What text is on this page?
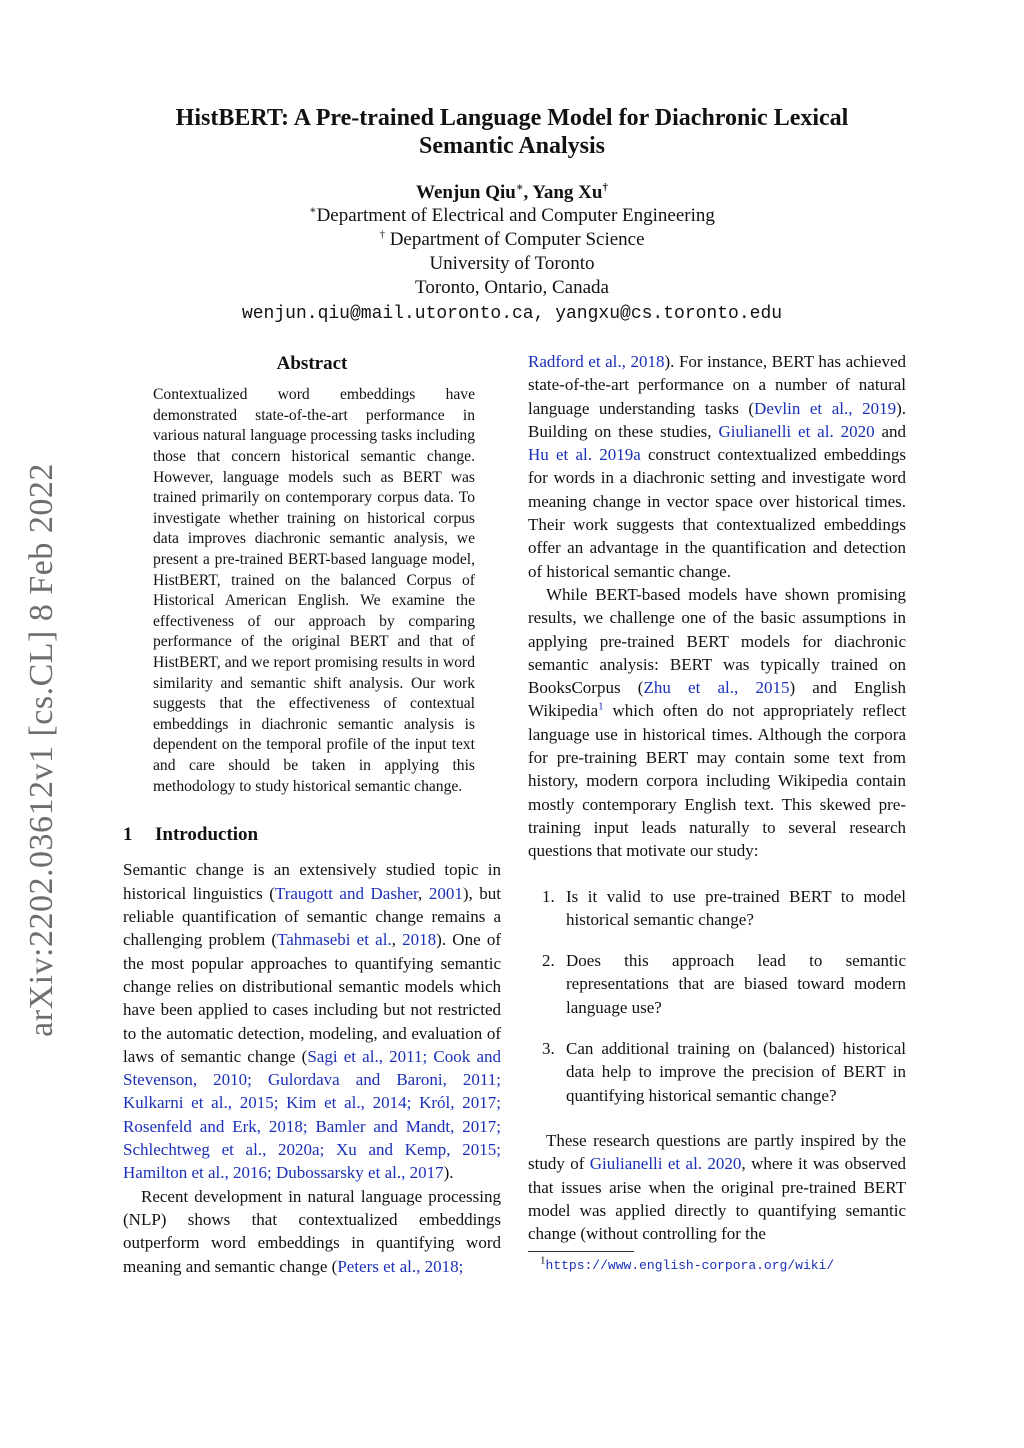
arXiv:2202.03612v1 [cs.CL] 8 Feb 2022
HistBERT: A Pre-trained Language Model for Diachronic Lexical
Semantic Analysis
Wenjun Qiu∗, Yang Xu†
∗Department of Electrical and Computer Engineering
† Department of Computer Science
University of Toronto
Toronto, Ontario, Canada
wenjun.qiu@mail.utoronto.ca, yangxu@cs.toronto.edu
Abstract
Contextualized word embeddings have demonstrated state-of-the-art performance in various natural language processing tasks including those that concern historical semantic change. However, language models such as BERT was trained primarily on contemporary corpus data. To investigate whether training on historical corpus data improves diachronic semantic analysis, we present a pre-trained BERT-based language model, HistBERT, trained on the balanced Corpus of Historical American English. We examine the effectiveness of our approach by comparing performance of the original BERT and that of HistBERT, and we report promising results in word similarity and semantic shift analysis. Our work suggests that the effectiveness of contextual embeddings in diachronic semantic analysis is dependent on the temporal profile of the input text and care should be taken in applying this methodology to study historical semantic change.
1 Introduction

Semantic change is an extensively studied topic in historical linguistics (Traugott and Dasher, 2001), but reliable quantification of semantic change remains a challenging problem (Tahmasebi et al., 2018). One of the most popular approaches to quantifying semantic change relies on distributional semantic models which have been applied to cases including but not restricted to the automatic detection, modeling, and evaluation of laws of semantic change (Sagi et al., 2011; Cook and Stevenson, 2010; Gulordava and Baroni, 2011; Kulkarni et al., 2015; Kim et al., 2014; Król, 2017; Rosenfeld and Erk, 2018; Bamler and Mandt, 2017; Schlechtweg et al., 2020a; Xu and Kemp, 2015; Hamilton et al., 2016; Dubossarsky et al., 2017).

Recent development in natural language processing (NLP) shows that contextualized embeddings outperform word embeddings in quantifying word meaning and semantic change (Peters et al., 2018;

Radford et al., 2018). For instance, BERT has achieved state-of-the-art performance on a number of natural language understanding tasks (Devlin et al., 2019). Building on these studies, Giulianelli et al. 2020 and Hu et al. 2019a construct contextualized embeddings for words in a diachronic setting and investigate word meaning change in vector space over historical times. Their work suggests that contextualized embeddings offer an advantage in the quantification and detection of historical semantic change.

While BERT-based models have shown promising results, we challenge one of the basic assumptions in applying pre-trained BERT models for diachronic semantic analysis: BERT was typically trained on BooksCorpus (Zhu et al., 2015) and English Wikipedia$^1$ which often do not appropriately reflect language use in historical times. Although the corpora for pre-training BERT may contain some text from history, modern corpora including Wikipedia contain mostly contemporary English text. This skewed pre-training input leads naturally to several research questions that motivate our study:

1. Is it valid to use pre-trained BERT to model historical semantic change?
2. Does this approach lead to semantic representations that are biased toward modern language use?
3. Can additional training on (balanced) historical data help to improve the precision of BERT in quantifying historical semantic change?

These research questions are partly inspired by the study of Giulianelli et al. 2020, where it was observed that issues arise when the original pre-trained BERT model was applied directly to quantifying semantic change (without controlling for the

$^1$https://www.english-corpora.org/wiki/
